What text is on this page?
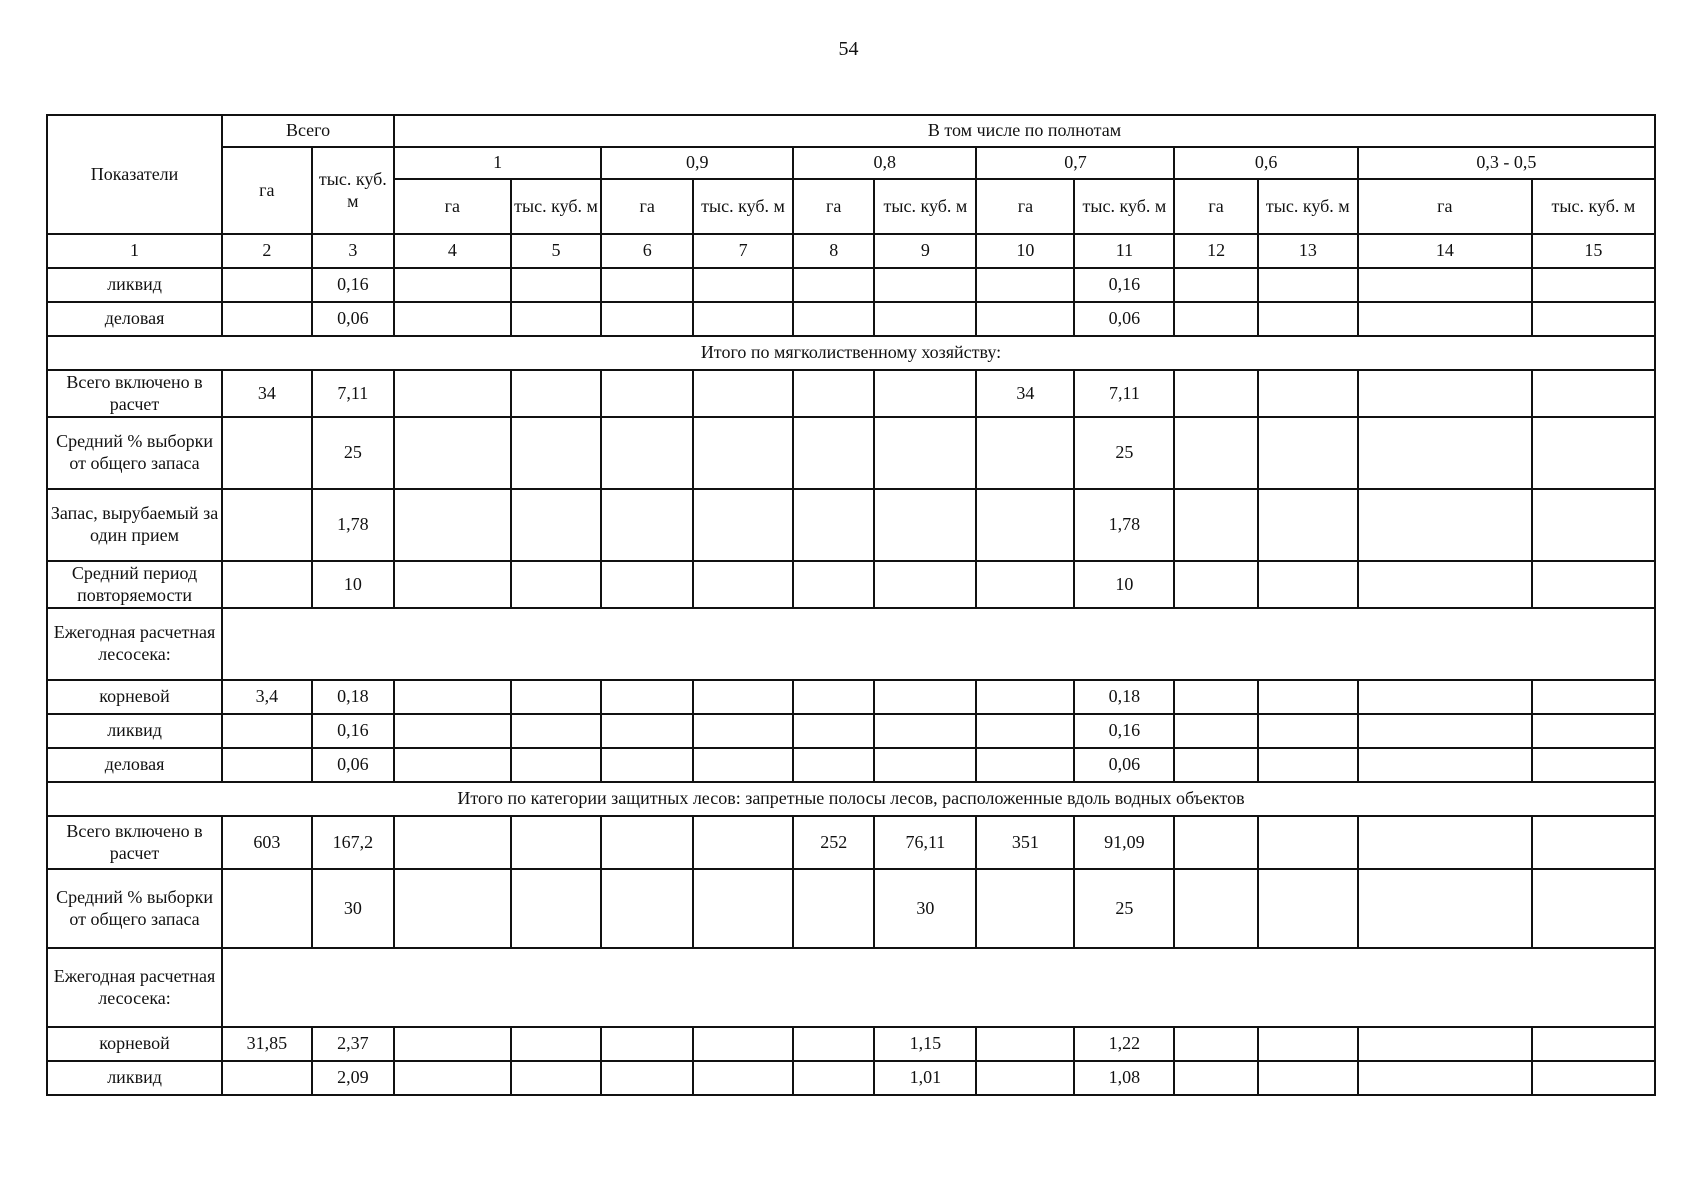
54
Показатели	Всего		В том числе по полнотам											
	га	тыс. куб. м	1		0,9		0,8		0,7		0,6		0,3 - 0,5	
			га	тыс. куб. м	га	тыс. куб. м	га	тыс. куб. м	га	тыс. куб. м	га	тыс. куб. м	га	тыс. куб. м
1	2	3	4	5	6	7	8	9	10	11	12	13	14	15
ликвид		0,16								0,16				
деловая		0,06								0,06				
Итого по мягколиственному хозяйству:														
Всего включено в расчет	34	7,11							34	7,11				
Средний % выборки от общего запаса		25								25				
Запас, вырубаемый за один прием		1,78								1,78				
Средний период повторяемости		10								10				
Ежегодная расчетная лесосека:														
корневой	3,4	0,18								0,18				
ликвид		0,16								0,16				
деловая		0,06								0,06				
Итого по категории защитных лесов: запретные полосы лесов, расположенные вдоль водных объектов														
Всего включено в расчет	603	167,2					252	76,11	351	91,09				
Средний % выборки от общего запаса		30						30		25				
Ежегодная расчетная лесосека:														
корневой	31,85	2,37						1,15		1,22				
ликвид		2,09						1,01		1,08				
